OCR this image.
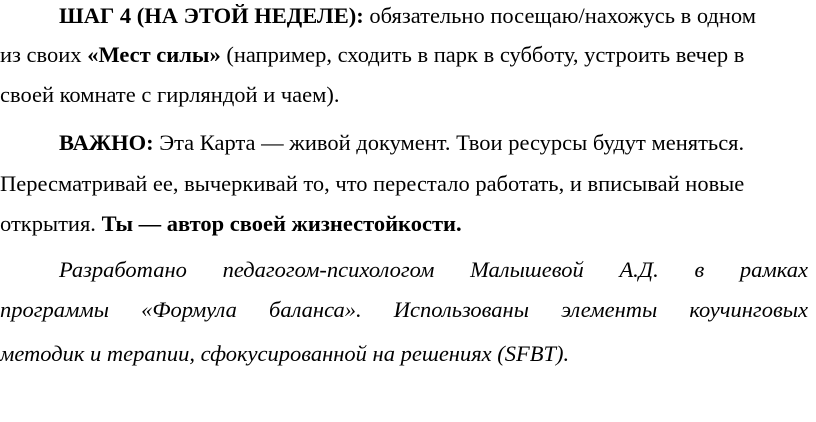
ШАГ 4 (НА ЭТОЙ НЕДЕЛЕ): обязательно посещаю/нахожусь в одном
из своих «Мест силы» (например, сходить в парк в субботу, устроить вечер в
своей комнате с гирляндой и чаем).
ВАЖНО: Эта Карта — живой документ. Твои ресурсы будут меняться.
Пересматривай ее, вычеркивай то, что перестало работать, и вписывай новые
открытия. Ты — автор своей жизнестойкости.
Разработано педагогом-психологом Малышевой А.Д. в рамках
программы «Формула баланса». Использованы элементы коучинговых
методик и терапии, сфокусированной на решениях (SFBT).
